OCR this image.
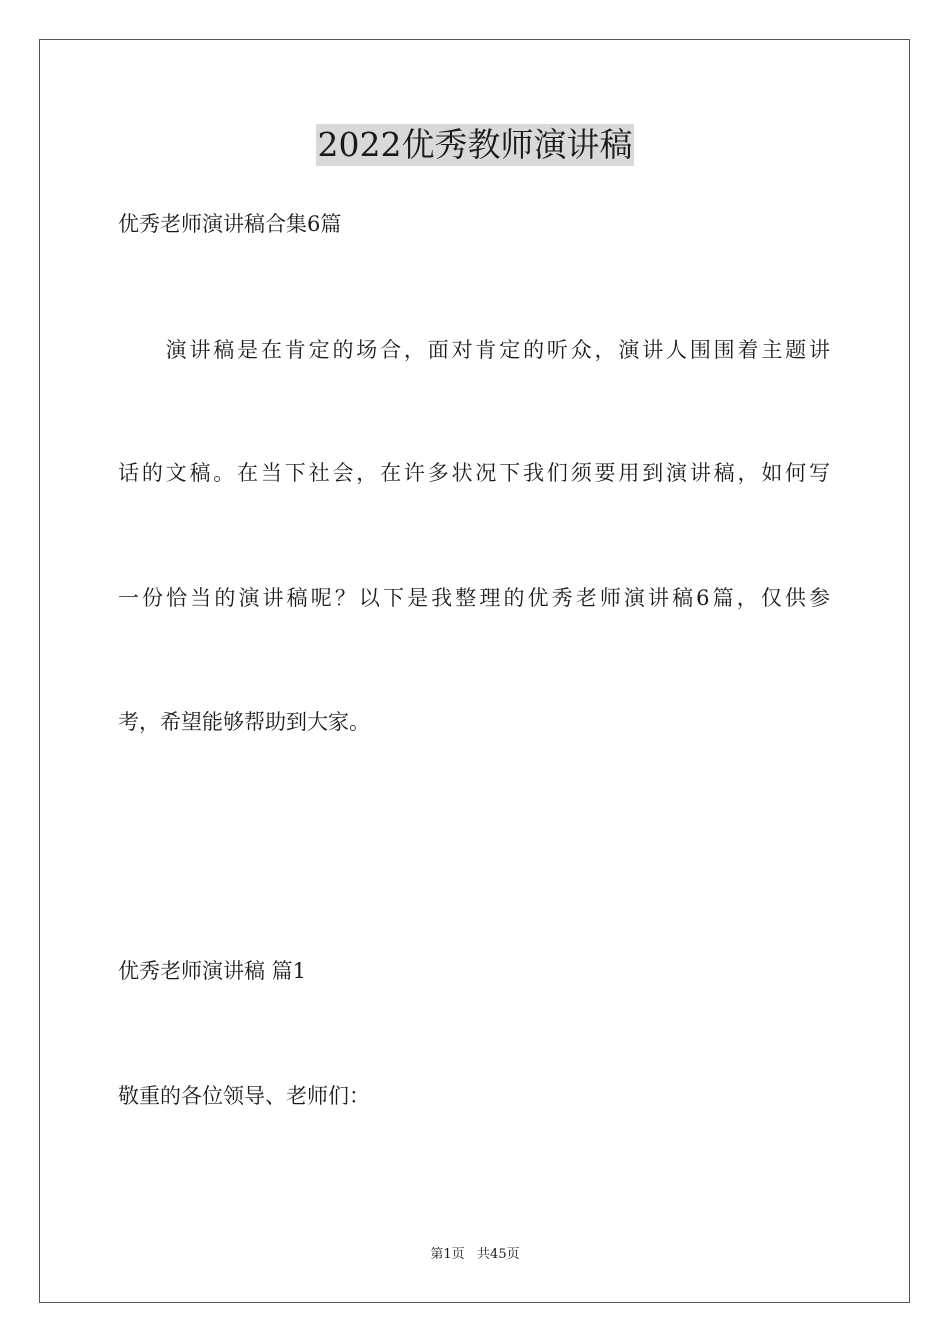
2022优秀教师演讲稿
优秀老师演讲稿合集6篇
　　演讲稿是在肯定的场合，面对肯定的听众，演讲人围围着主题讲
话的文稿。在当下社会，在许多状况下我们须要用到演讲稿，如何写
一份恰当的演讲稿呢？以下是我整理的优秀老师演讲稿6篇，仅供参
考，希望能够帮助到大家。
优秀老师演讲稿 篇1
敬重的各位领导、老师们：
第1页   共45页
